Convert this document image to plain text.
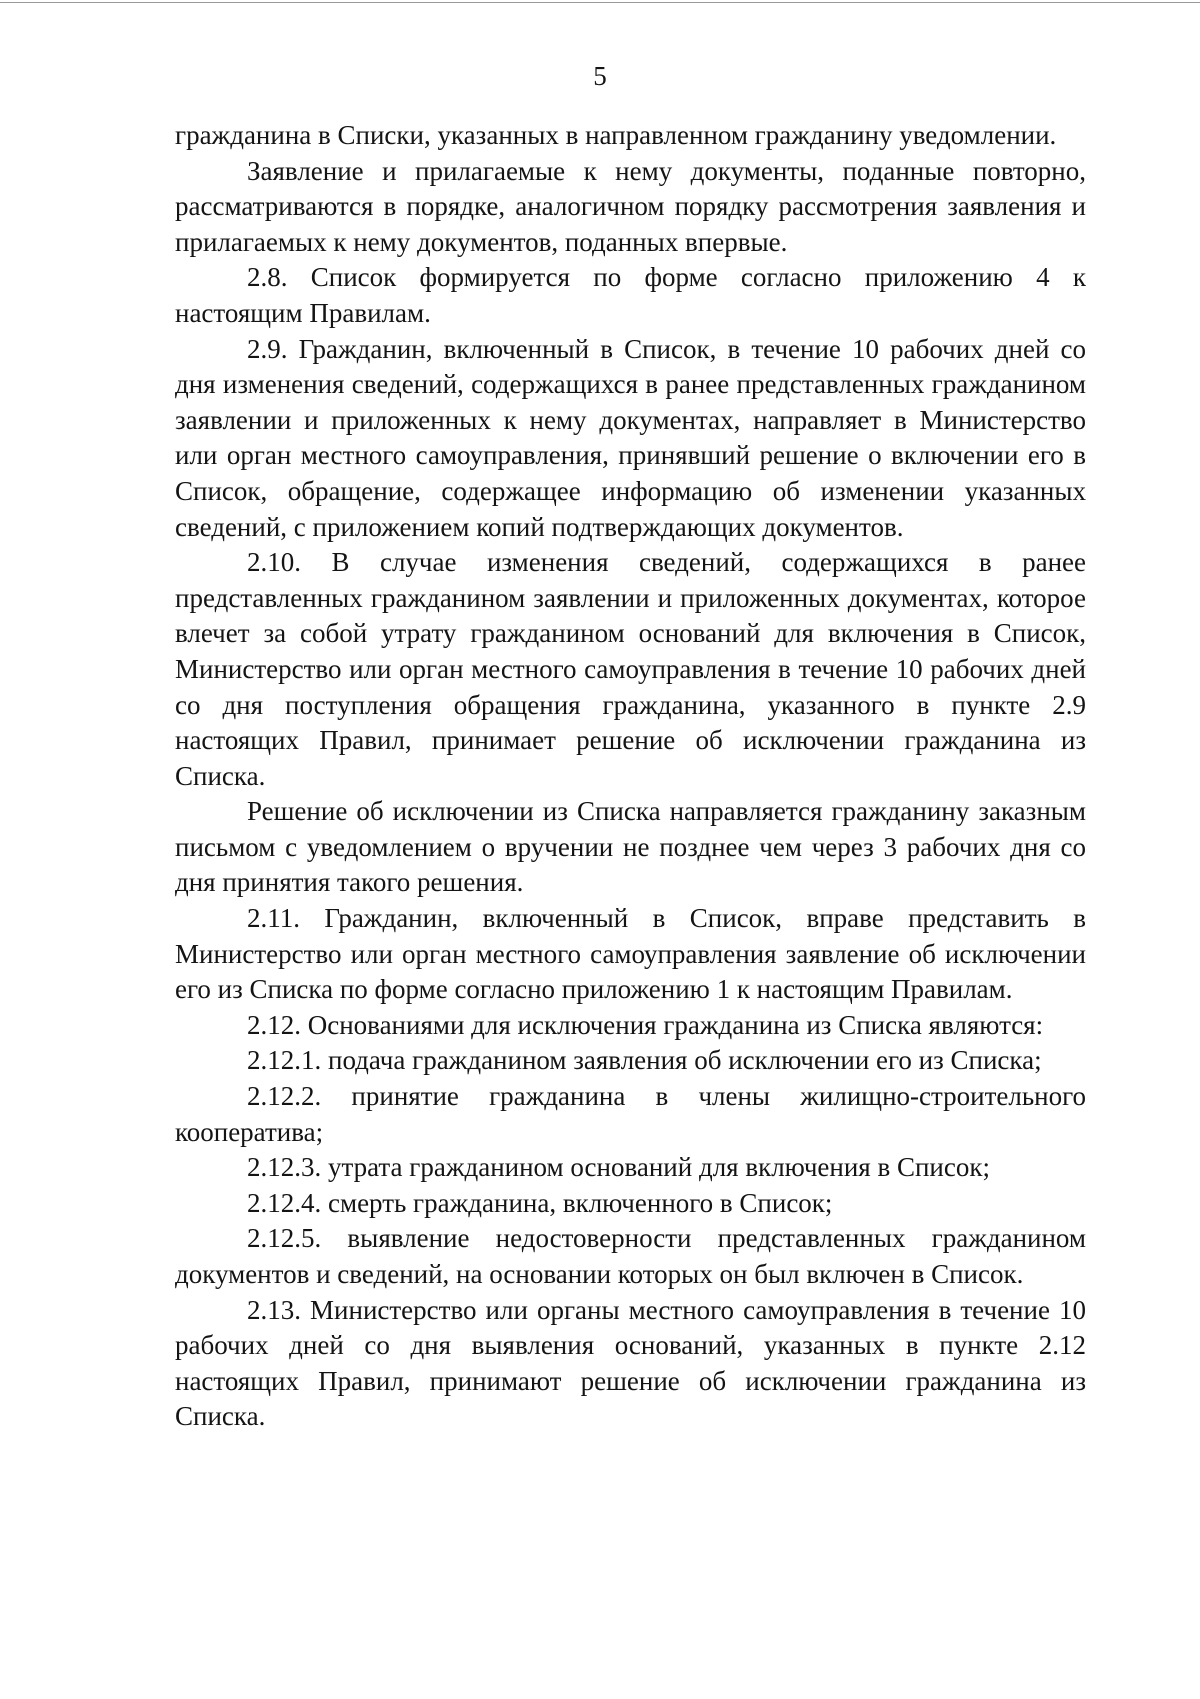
5

гражданина в Списки, указанных в направленном гражданину уведомлении.

Заявление и прилагаемые к нему документы, поданные повторно, рассматриваются в порядке, аналогичном порядку рассмотрения заявления и прилагаемых к нему документов, поданных впервые.

2.8. Список формируется по форме согласно приложению 4 к настоящим Правилам.

2.9. Гражданин, включенный в Список, в течение 10 рабочих дней со дня изменения сведений, содержащихся в ранее представленных гражданином заявлении и приложенных к нему документах, направляет в Министерство или орган местного самоуправления, принявший решение о включении его в Список, обращение, содержащее информацию об изменении указанных сведений, с приложением копий подтверждающих документов.

2.10. В случае изменения сведений, содержащихся в ранее представленных гражданином заявлении и приложенных документах, которое влечет за собой утрату гражданином оснований для включения в Список, Министерство или орган местного самоуправления в течение 10 рабочих дней со дня поступления обращения гражданина, указанного в пункте 2.9 настоящих Правил, принимает решение об исключении гражданина из Списка.

Решение об исключении из Списка направляется гражданину заказным письмом с уведомлением о вручении не позднее чем через 3 рабочих дня со дня принятия такого решения.

2.11. Гражданин, включенный в Список, вправе представить в Министерство или орган местного самоуправления заявление об исключении его из Списка по форме согласно приложению 1 к настоящим Правилам.

2.12. Основаниями для исключения гражданина из Списка являются:

2.12.1. подача гражданином заявления об исключении его из Списка;

2.12.2. принятие гражданина в члены жилищно-строительного кооператива;

2.12.3. утрата гражданином оснований для включения в Список;

2.12.4. смерть гражданина, включенного в Список;

2.12.5. выявление недостоверности представленных гражданином документов и сведений, на основании которых он был включен в Список.

2.13. Министерство или органы местного самоуправления в течение 10 рабочих дней со дня выявления оснований, указанных в пункте 2.12 настоящих Правил, принимают решение об исключении гражданина из Списка.
